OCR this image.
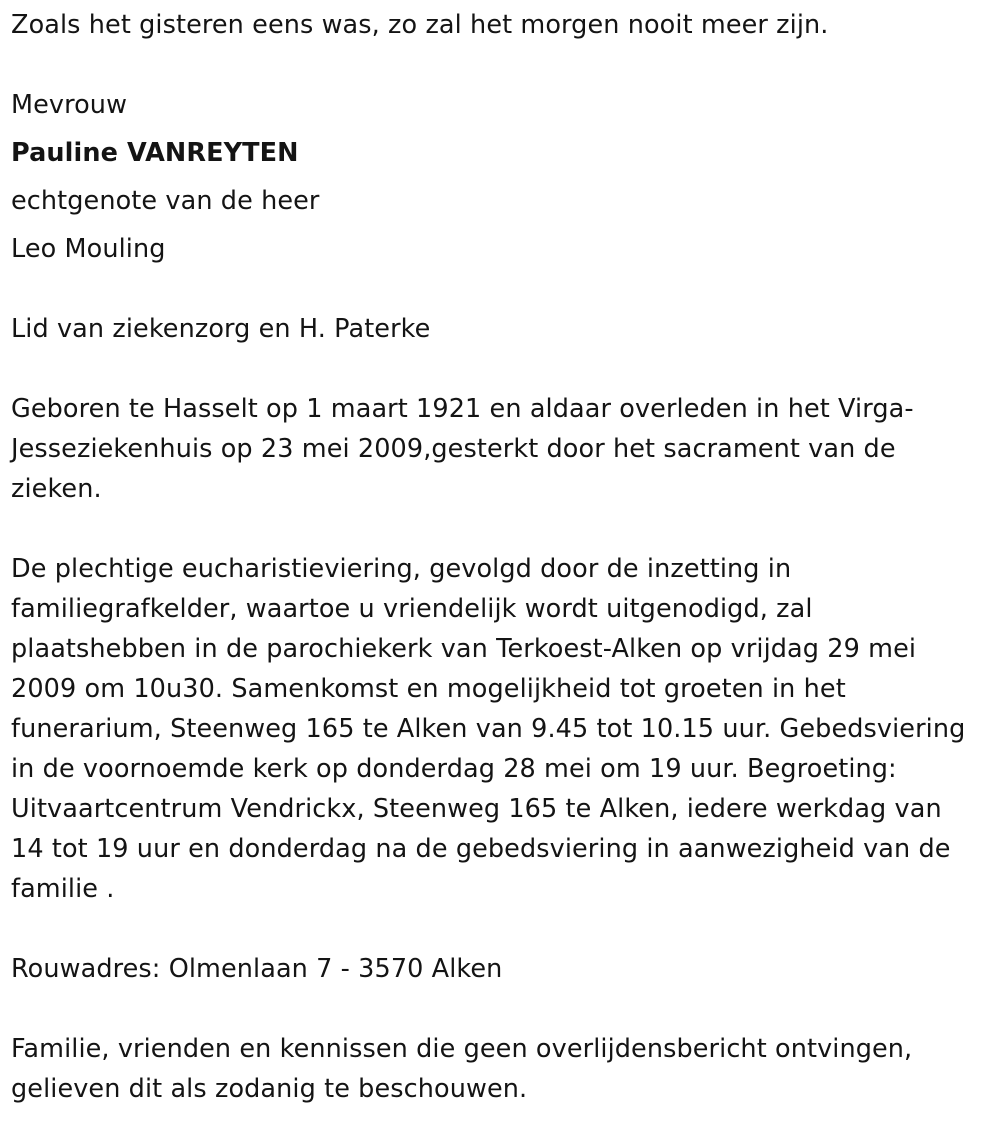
Zoals het gisteren eens was, zo zal het morgen nooit meer zijn.

Mevrouw

Pauline VANREYTEN

echtgenote van de heer

Leo Mouling

Lid van ziekenzorg en H. Paterke

Geboren te Hasselt op 1 maart 1921 en aldaar overleden in het Virga-

Jesseziekenhuis op 23 mei 2009,gesterkt door het sacrament van de

zieken.

De plechtige eucharistieviering, gevolgd door de inzetting in

familiegrafkelder, waartoe u vriendelijk wordt uitgenodigd, zal

plaatshebben in de parochiekerk van Terkoest-Alken op vrijdag 29 mei

2009 om 10u30. Samenkomst en mogelijkheid tot groeten in het

funerarium, Steenweg 165 te Alken van 9.45 tot 10.15 uur. Gebedsviering

in de voornoemde kerk op donderdag 28 mei om 19 uur. Begroeting:

Uitvaartcentrum Vendrickx, Steenweg 165 te Alken, iedere werkdag van

14 tot 19 uur en donderdag na de gebedsviering in aanwezigheid van de

familie .

Rouwadres: Olmenlaan 7 - 3570 Alken

Familie, vrienden en kennissen die geen overlijdensbericht ontvingen,

gelieven dit als zodanig te beschouwen.
